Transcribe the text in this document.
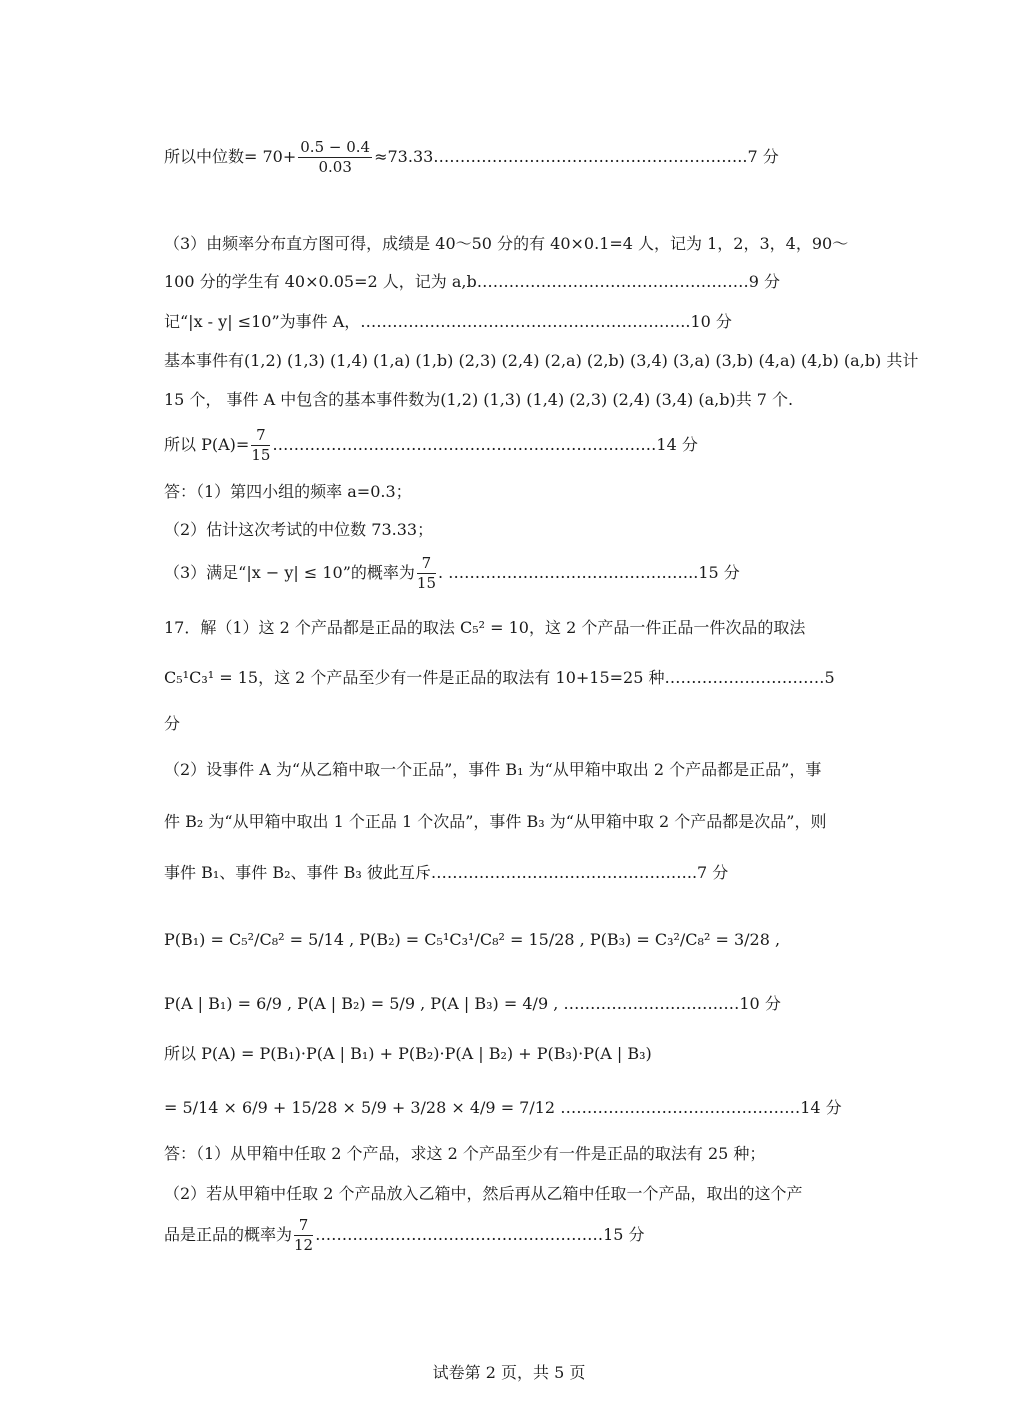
所以中位数= $70+ \frac{0.5 - 0.4}{0.03}$ ≈73.33…………………………………………………..7 分
（3）由频率分布直方图可得，成绩是 40～50 分的有 40×0.1=4 人，记为 1，2，3，4，90～
100 分的学生有 40×0.05=2 人，记为 a,b……………………………………………9 分
记“|x - y| ≤10”为事件 A，……………………………………………………..10 分
基本事件有(1,2) (1,3) (1,4) (1,a) (1,b) (2,3) (2,4) (2,a) (2,b) (3,4) (3,a) (3,b) (4,a) (4,b) (a,b) 共计
15 个， 事件 A 中包含的基本事件数为(1,2) (1,3) (1,4) (2,3) (2,4) (3,4) (a,b)共 7 个.
所以 $P(A)= \frac{7}{15}$ ………………………………………………………………14 分
答：（1）第四小组的频率 a=0.3；
（2）估计这次考试的中位数 73.33；
（3）满足“|x − y| ≤ 10”的概率为 $\frac{7}{15}$ . ………………………………………..15 分
17．解（1）这 2 个产品都是正品的取法 C₅² = 10，这 2 个产品一件正品一件次品的取法
C₅¹C₃¹ = 15，这 2 个产品至少有一件是正品的取法有 10+15=25 种…………………………5
分
（2）设事件 A 为“从乙箱中取一个正品”，事件 B₁ 为“从甲箱中取出 2 个产品都是正品”，事
件 B₂ 为“从甲箱中取出 1 个正品 1 个次品”，事件 B₃ 为“从甲箱中取 2 个产品都是次品”，则
事件 B₁、事件 B₂、事件 B₃ 彼此互斥…………………………………………..7 分
P(B₁) = C₅²/C₈² = 5/14 , P(B₂) = C₅¹C₃¹/C₈² = 15/28 , P(B₃) = C₃²/C₈² = 3/28 ,
P(A | B₁) = 6/9 , P(A | B₂) = 5/9 , P(A | B₃) = 4/9 , ……………………………10 分
所以 P(A) = P(B₁)·P(A | B₁) + P(B₂)·P(A | B₂) + P(B₃)·P(A | B₃)
= 5/14 × 6/9 + 15/28 × 5/9 + 3/28 × 4/9 = 7/12 ………………………………………14 分
答：（1）从甲箱中任取 2 个产品，求这 2 个产品至少有一件是正品的取法有 25 种；
（2）若从甲箱中任取 2 个产品放入乙箱中，然后再从乙箱中任取一个产品，取出的这个产
品是正品的概率为 $\frac{7}{12}$ ………………………………………………15 分
试卷第 2 页，共 5 页
